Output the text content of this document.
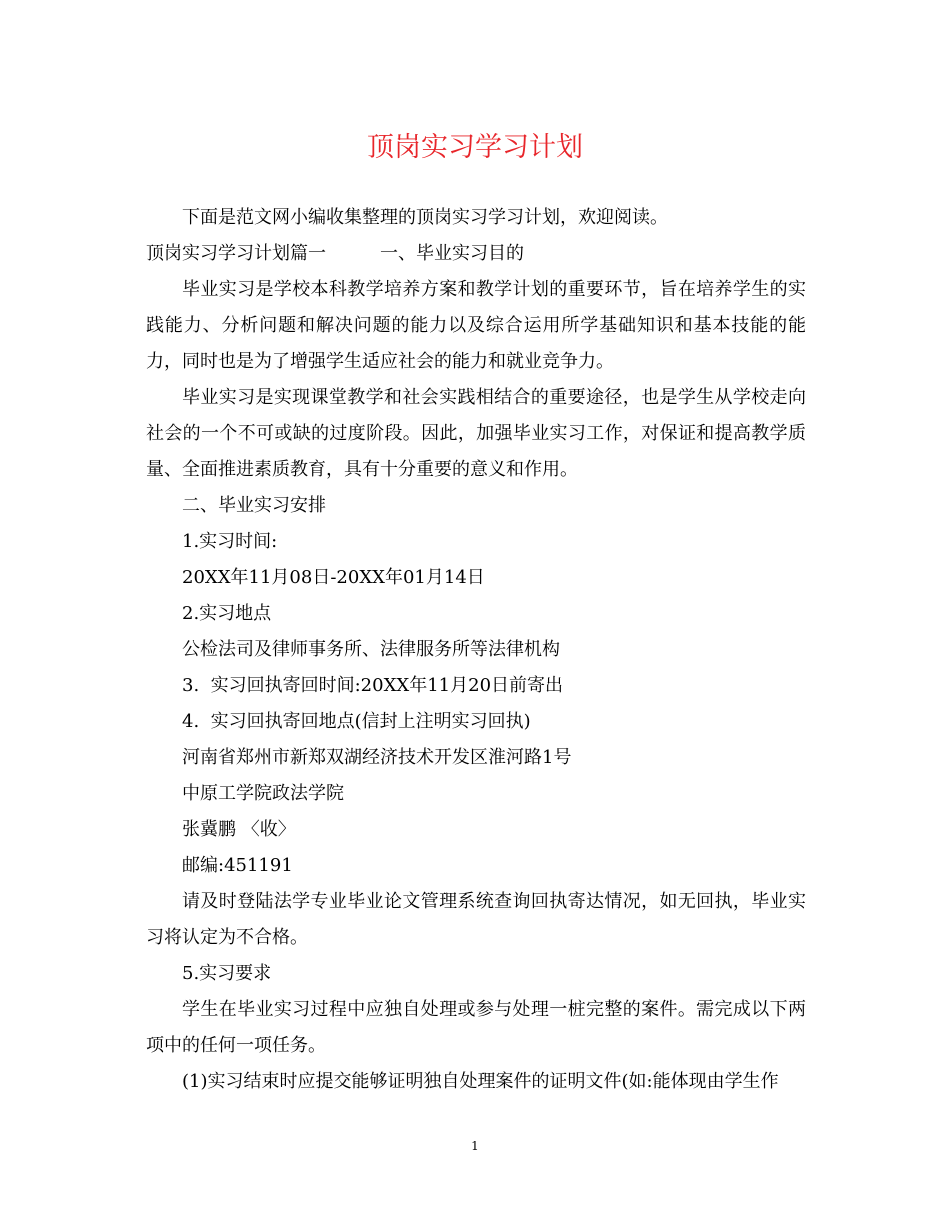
顶岗实习学习计划

下面是范文网小编收集整理的顶岗实习学习计划，欢迎阅读。

顶岗实习学习计划篇一	一、毕业实习目的

毕业实习是学校本科教学培养方案和教学计划的重要环节，旨在培养学生的实践能力、分析问题和解决问题的能力以及综合运用所学基础知识和基本技能的能力，同时也是为了增强学生适应社会的能力和就业竞争力。

毕业实习是实现课堂教学和社会实践相结合的重要途径，也是学生从学校走向社会的一个不可或缺的过度阶段。因此，加强毕业实习工作，对保证和提高教学质量、全面推进素质教育，具有十分重要的意义和作用。

二、毕业实习安排

1.实习时间:

20XX年11月08日-20XX年01月14日

2.实习地点

公检法司及律师事务所、法律服务所等法律机构

3.  实习回执寄回时间:20XX年11月20日前寄出

4.  实习回执寄回地点(信封上注明实习回执)

河南省郑州市新郑双湖经济技术开发区淮河路1号

中原工学院政法学院

张冀鹏 〈收〉

邮编:451191

请及时登陆法学专业毕业论文管理系统查询回执寄达情况，如无回执，毕业实习将认定为不合格。

5.实习要求

学生在毕业实习过程中应独自处理或参与处理一桩完整的案件。需完成以下两项中的任何一项任务。

(1)实习结束时应提交能够证明独自处理案件的证明文件(如:能体现由学生作

1
